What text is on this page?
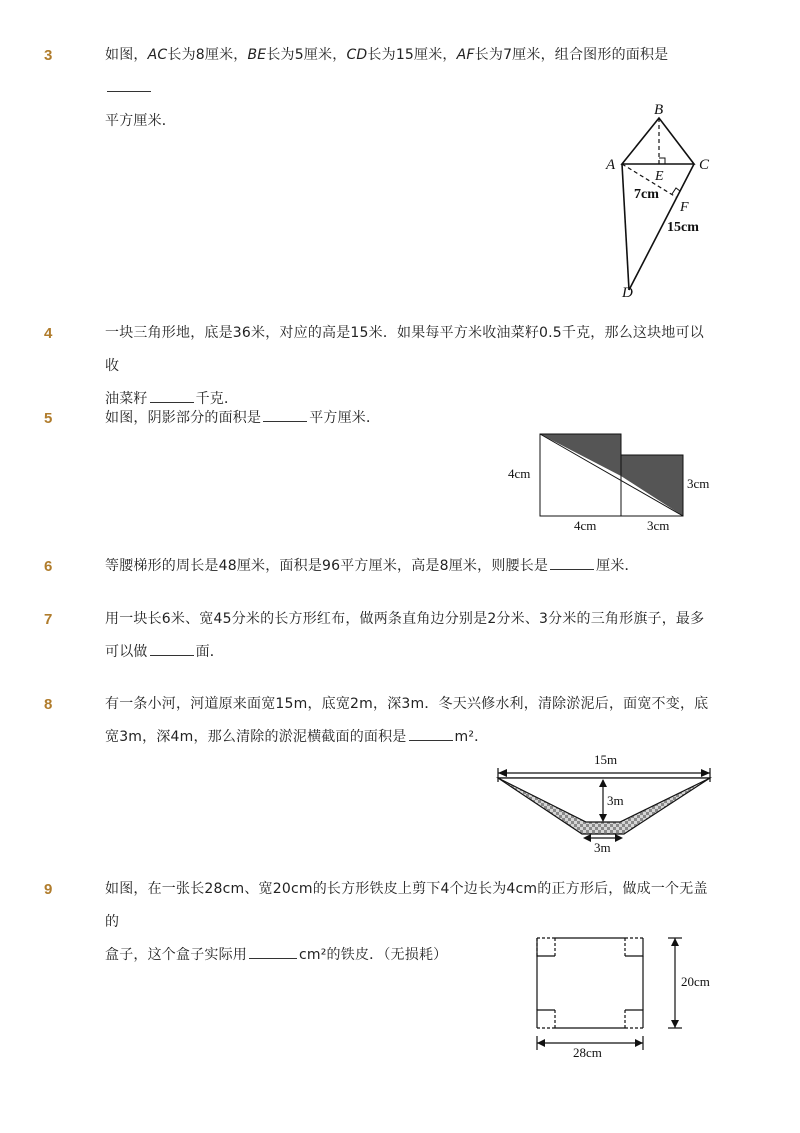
3	如图，AC长为8厘米，BE长为5厘米，CD长为15厘米，AF长为7厘米，组合图形的面积是
平方厘米．
B
A	C
E
7cm
F
15cm
D
4	一块三角形地，底是36米，对应的高是15米．如果每平方米收油菜籽0.5千克，那么这块地可以收
油菜籽	千克．
5	如图，阴影部分的面积是	平方厘米．
4cm
3cm
4cm	3cm
6	等腰梯形的周长是48厘米，面积是96平方厘米，高是8厘米，则腰长是	厘米．
7	用一块长6米、宽45分米的长方形红布，做两条直角边分别是2分米、3分米的三角形旗子，最多
可以做	面．
8	有一条小河，河道原来面宽15m，底宽2m，深3m．冬天兴修水利，清除淤泥后，面宽不变，底
宽3m，深4m，那么清除的淤泥横截面的面积是	m²．
15m
3m
3m
9	如图，在一张长28cm、宽20cm的长方形铁皮上剪下4个边长为4cm的正方形后，做成一个无盖的
盒子，这个盒子实际用	cm²的铁皮．（无损耗）
20cm
28cm
